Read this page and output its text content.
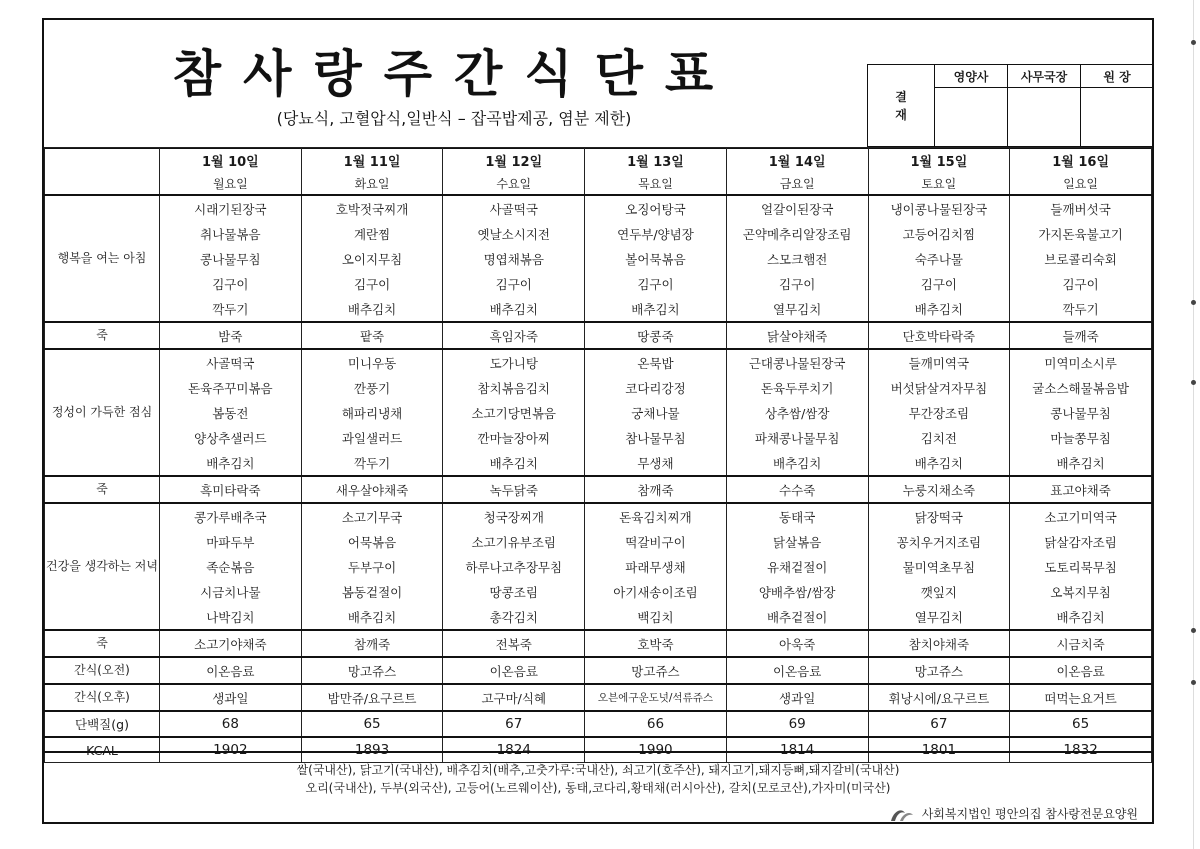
참사랑주간식단표
(당뇨식, 고혈압식,일반식 – 잡곡밥제공, 염분 제한)
결
재	영양사	사무국장	원 장

	1월 10일	1월 11일	1월 12일	1월 13일	1월 14일	1월 15일	1월 16일
	월요일	화요일	수요일	목요일	금요일	토요일	일요일
행복을 여는 아침	시래기된장국	호박젓국찌개	사골떡국	오징어탕국	얼갈이된장국	냉이콩나물된장국	들깨버섯국
	취나물볶음	계란찜	옛날소시지전	연두부/양념장	곤약메추리알장조림	고등어김치찜	가지돈육불고기
	콩나물무침	오이지무침	명엽채볶음	볼어묵볶음	스모크햄전	숙주나물	브로콜리숙회
	김구이	김구이	김구이	김구이	김구이	김구이	김구이
	깍두기	배추김치	배추김치	배추김치	열무김치	배추김치	깍두기
죽	밤죽	팥죽	흑임자죽	땅콩죽	닭살야채죽	단호박타락죽	들깨죽
정성이 가득한 점심	사골떡국	미니우동	도가니탕	온묵밥	근대콩나물된장국	들깨미역국	미역미소시루
	돈육주꾸미볶음	깐풍기	참치볶음김치	코다리강정	돈육두루치기	버섯닭살겨자무침	굴소스해물볶음밥
	봄동전	해파리냉채	소고기당면볶음	궁채나물	상추쌈/쌈장	무간장조림	콩나물무침
	양상추샐러드	과일샐러드	깐마늘장아찌	참나물무침	파채콩나물무침	김치전	마늘쫑무침
	배추김치	깍두기	배추김치	무생채	배추김치	배추김치	배추김치
죽	흑미타락죽	새우살야채죽	녹두닭죽	참깨죽	수수죽	누룽지채소죽	표고야채죽
건강을 생각하는 저녁	콩가루배추국	소고기무국	청국장찌개	돈육김치찌개	동태국	닭장떡국	소고기미역국
	마파두부	어묵볶음	소고기유부조림	떡갈비구이	닭살볶음	꽁치우거지조림	닭살감자조림
	족순볶음	두부구이	하루나고추장무침	파래무생채	유채겉절이	물미역초무침	도토리묵무침
	시금치나물	봄동겉절이	땅콩조림	아기새송이조림	양배추쌈/쌈장	깻잎지	오복지무침
	나박김치	배추김치	총각김치	백김치	배추겉절이	열무김치	배추김치
죽	소고기야채죽	참깨죽	전복죽	호박죽	아욱죽	참치야채죽	시금치죽
간식(오전)	이온음료	망고쥬스	이온음료	망고쥬스	이온음료	망고쥬스	이온음료
간식(오후)	생과일	밤만쥬/요구르트	고구마/식혜	오븐에구운도넛/석류쥬스	생과일	휘낭시에/요구르트	떠먹는요거트
단백질(g)	68	65	67	66	69	67	65
KCAL	1902	1893	1824	1990	1814	1801	1832
쌀(국내산), 닭고기(국내산), 배추김치(배추,고춧가루:국내산), 쇠고기(호주산), 돼지고기,돼지등뼈,돼지갈비(국내산)
오리(국내산), 두부(외국산), 고등어(노르웨이산), 동태,코다리,황태채(러시아산), 갈치(모로코산),가자미(미국산)
사회복지법인 평안의집 참사랑전문요양원
